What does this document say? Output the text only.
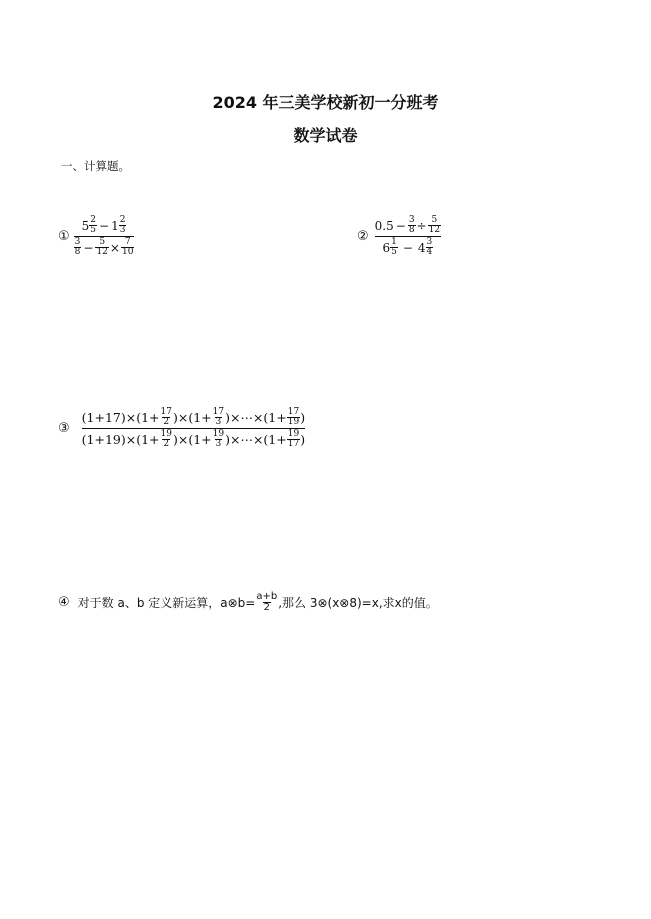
2024 年三美学校新初一分班考
数学试卷
一、计算题。
①
$5 \frac{2}{5} - 1 \frac{2}{3}$
$\frac{3}{8} - \frac{5}{12} \times \frac{7}{10}$
②
$0.5 - \frac{3}{8} \div \frac{5}{12}$
$6 \frac{1}{5} - 4 \frac{3}{4}$
③
$(1+17)\times(1+ \frac{17}{2} )\times(1+ \frac{17}{3}$ )×⋯×(1+ $\frac{17}{19}$ )
$(1+19)\times(1+ \frac{19}{2} )\times(1+ \frac{19}{3}$ )×⋯×(1+ $\frac{19}{17}$ )
④ 对于数 a、b 定义新运算，a⊗b= $\frac{a+b}{2}$ ,那么 3⊗(x⊗8)=x,求x的值。
